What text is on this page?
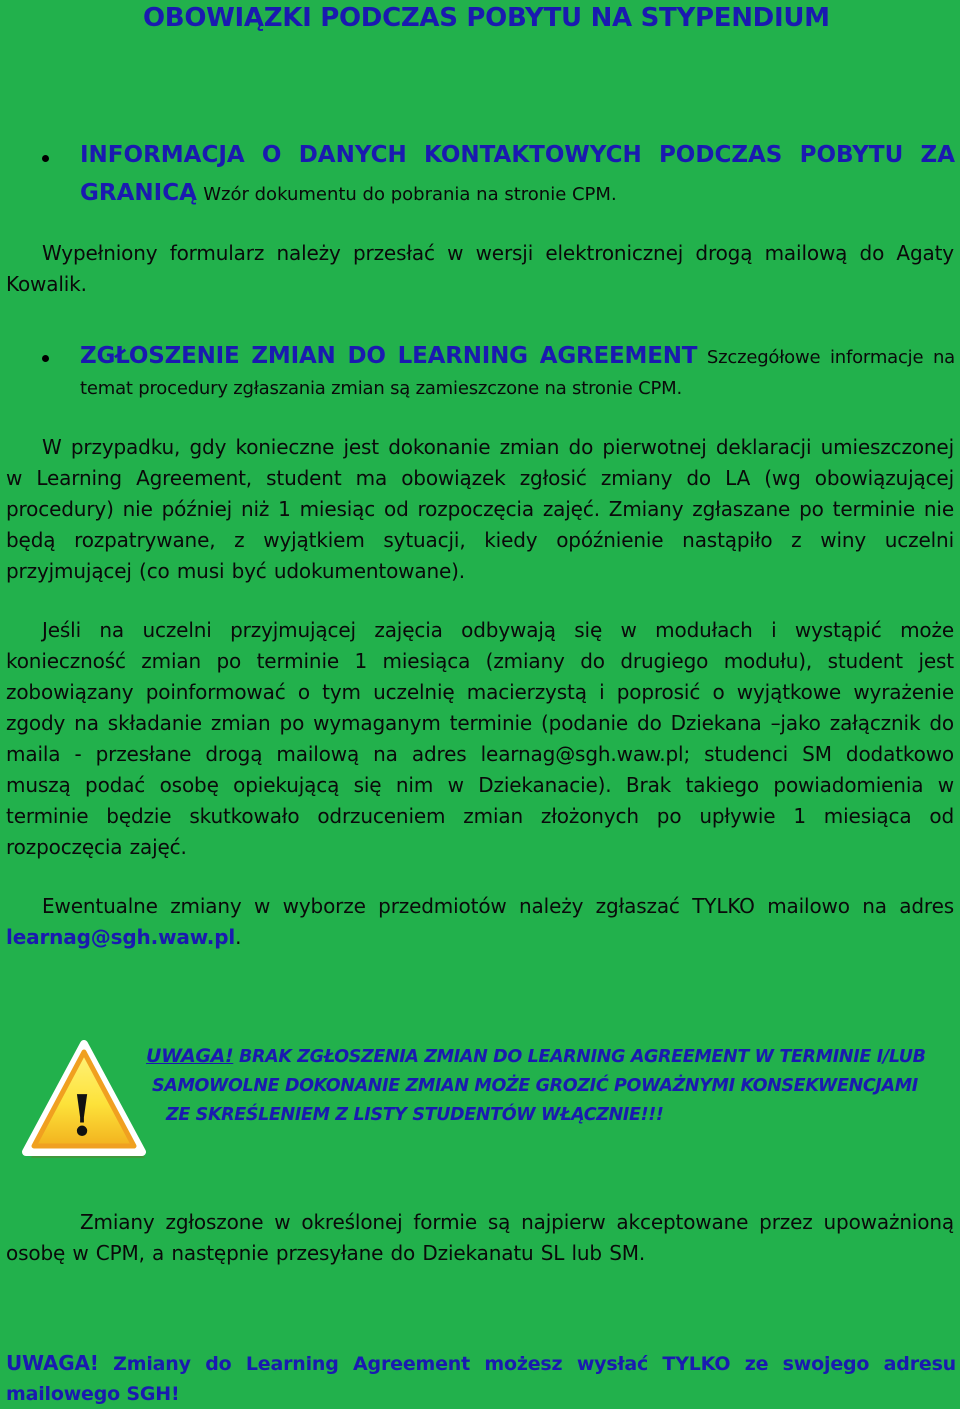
OBOWIĄZKI PODCZAS POBYTU NA STYPENDIUM
INFORMACJA O DANYCH KONTAKTOWYCH PODCZAS POBYTU ZA GRANICĄ Wzór dokumentu do pobrania na stronie CPM.
Wypełniony formularz należy przesłać w wersji elektronicznej drogą mailową do Agaty Kowalik.
ZGŁOSZENIE ZMIAN DO LEARNING AGREEMENT Szczegółowe informacje na temat procedury zgłaszania zmian są zamieszczone na stronie CPM.
W przypadku, gdy konieczne jest dokonanie zmian do pierwotnej deklaracji umieszczonej w Learning Agreement, student ma obowiązek zgłosić zmiany do LA (wg obowiązującej procedury) nie później niż 1 miesiąc od rozpoczęcia zajęć. Zmiany zgłaszane po terminie nie będą rozpatrywane, z wyjątkiem sytuacji, kiedy opóźnienie nastąpiło z winy uczelni przyjmującej (co musi być udokumentowane).
Jeśli na uczelni przyjmującej zajęcia odbywają się w modułach i wystąpić może konieczność zmian po terminie 1 miesiąca (zmiany do drugiego modułu), student jest zobowiązany poinformować o tym uczelnię macierzystą i poprosić o wyjątkowe wyrażenie zgody na składanie zmian po wymaganym terminie (podanie do Dziekana –jako załącznik do maila - przesłane drogą mailową na adres learnag@sgh.waw.pl; studenci SM dodatkowo muszą podać osobę opiekującą się nim w Dziekanacie). Brak takiego powiadomienia w terminie będzie skutkowało odrzuceniem zmian złożonych po upływie 1 miesiąca od rozpoczęcia zajęć.
Ewentualne zmiany w wyborze przedmiotów należy zgłaszać TYLKO mailowo na adres learnag@sgh.waw.pl.
!
UWAGA! BRAK ZGŁOSZENIA ZMIAN DO LEARNING AGREEMENT W TERMINIE I/LUB
SAMOWOLNE DOKONANIE ZMIAN MOŻE GROZIĆ POWAŻNYMI KONSEKWENCJAMI
ZE SKREŚLENIEM Z LISTY STUDENTÓW WŁĄCZNIE!!!
Zmiany zgłoszone w określonej formie są najpierw akceptowane przez upoważnioną osobę w CPM, a następnie przesyłane do Dziekanatu SL lub SM.
UWAGA! Zmiany do Learning Agreement możesz wysłać TYLKO ze swojego adresu mailowego SGH!
